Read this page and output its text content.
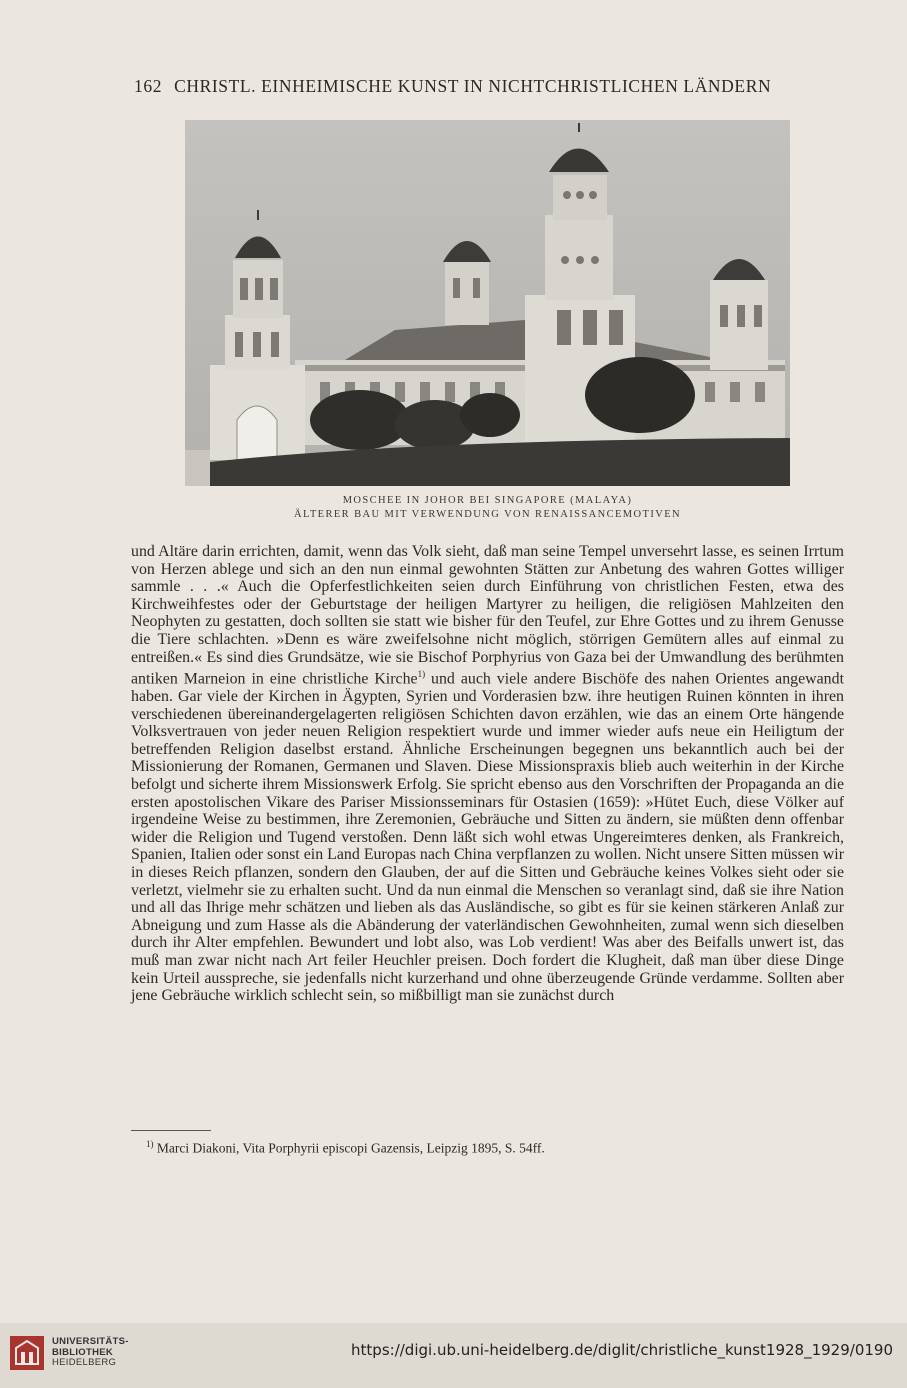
162 CHRISTL. EINHEIMISCHE KUNST IN NICHTCHRISTLICHEN LÄNDERN
MOSCHEE IN JOHOR BEI SINGAPORE (MALAYA)
ÄLTERER BAU MIT VERWENDUNG VON RENAISSANCEMOTIVEN

und Altäre darin errichten, damit, wenn das Volk sieht, daß man seine Tempel unversehrt lasse, es seinen Irrtum von Herzen ablege und sich an den nun einmal gewohnten Stätten zur Anbetung des wahren Gottes williger sammle . . .« Auch die Opferfestlichkeiten seien durch Einführung von christlichen Festen, etwa des Kirchweihfestes oder der Geburtstage der heiligen Martyrer zu heiligen, die religiösen Mahlzeiten den Neophyten zu gestatten, doch sollten sie statt wie bisher für den Teufel, zur Ehre Gottes und zu ihrem Genusse die Tiere schlachten. »Denn es wäre zweifelsohne nicht möglich, störrigen Gemütern alles auf einmal zu entreißen.« Es sind dies Grundsätze, wie sie Bischof Porphyrius von Gaza bei der Umwandlung des berühmten antiken Marneion in eine christliche Kirche$^{1)}$ und auch viele andere Bischöfe des nahen Orientes angewandt haben. Gar viele der Kirchen in Ägypten, Syrien und Vorderasien bzw. ihre heutigen Ruinen könnten in ihren verschiedenen übereinandergelagerten religiösen Schichten davon erzählen, wie das an einem Orte hängende Volksvertrauen von jeder neuen Religion respektiert wurde und immer wieder aufs neue ein Heiligtum der betreffenden Religion daselbst erstand. Ähnliche Erscheinungen begegnen uns bekanntlich auch bei der Missionierung der Romanen, Germanen und Slaven. Diese Missionspraxis blieb auch weiterhin in der Kirche befolgt und sicherte ihrem Missionswerk Erfolg. Sie spricht ebenso aus den Vorschriften der Propaganda an die ersten apostolischen Vikare des Pariser Missionsseminars für Ostasien (1659): »Hütet Euch, diese Völker auf irgendeine Weise zu bestimmen, ihre Zeremonien, Gebräuche und Sitten zu ändern, sie müßten denn offenbar wider die Religion und Tugend verstoßen. Denn läßt sich wohl etwas Ungereimteres denken, als Frankreich, Spanien, Italien oder sonst ein Land Europas nach China verpflanzen zu wollen. Nicht unsere Sitten müssen wir in dieses Reich pflanzen, sondern den Glauben, der auf die Sitten und Gebräuche keines Volkes sieht oder sie verletzt, vielmehr sie zu erhalten sucht. Und da nun einmal die Menschen so veranlagt sind, daß sie ihre Nation und all das Ihrige mehr schätzen und lieben als das Ausländische, so gibt es für sie keinen stärkeren Anlaß zur Abneigung und zum Hasse als die Abänderung der vaterländischen Gewohnheiten, zumal wenn sich dieselben durch ihr Alter empfehlen. Bewundert und lobt also, was Lob verdient! Was aber des Beifalls unwert ist, das muß man zwar nicht nach Art feiler Heuchler preisen. Doch fordert die Klugheit, daß man über diese Dinge kein Urteil ausspreche, sie jedenfalls nicht kurzerhand und ohne überzeugende Gründe verdamme. Sollten aber jene Gebräuche wirklich schlecht sein, so mißbilligt man sie zunächst durch

$^{1)}$ Marci Diakoni, Vita Porphyrii episcopi Gazensis, Leipzig 1895, S. 54ff.
UNIVERSITÄTS-
BIBLIOTHEK
HEIDELBERG
https://digi.ub.uni-heidelberg.de/diglit/christliche_kunst1928_1929/0190
